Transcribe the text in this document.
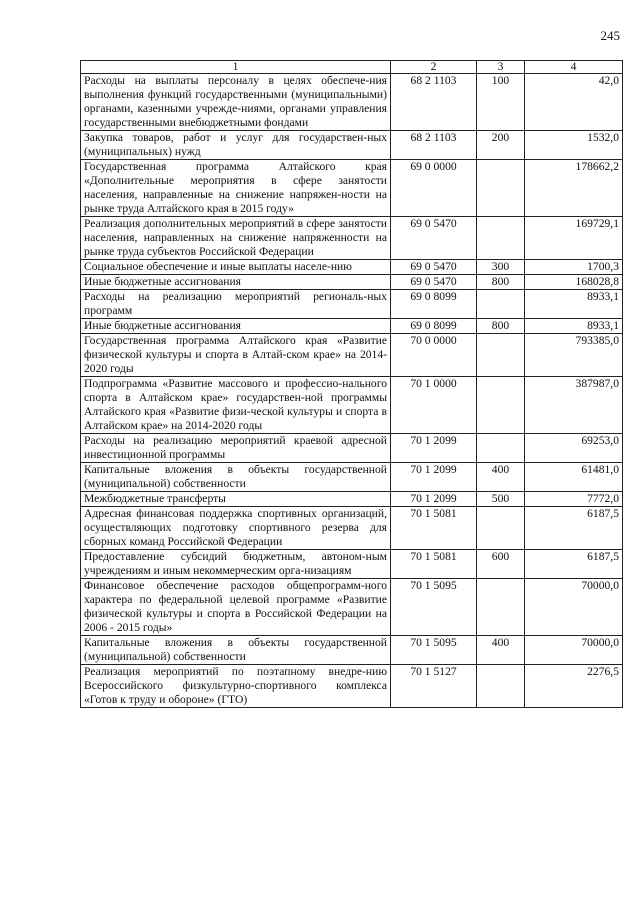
245
1	2	3	4
Расходы на выплаты персоналу в целях обеспече-ния выполнения функций государственными (муниципальными) органами, казенными учрежде-ниями, органами управления государственными внебюджетными фондами	68 2 1103	100	42,0
Закупка товаров, работ и услуг для государствен-ных (муниципальных) нужд	68 2 1103	200	1532,0
Государственная программа Алтайского края «Дополнительные мероприятия в сфере занятости населения, направленные на снижение напряжен-ности на рынке труда Алтайского края в 2015 году»	69 0 0000		178662,2
Реализация дополнительных мероприятий в сфере занятости населения, направленных на снижение напряженности на рынке труда субъектов Российской Федерации	69 0 5470		169729,1
Социальное обеспечение и иные выплаты населе-нию	69 0 5470	300	1700,3
Иные бюджетные ассигнования	69 0 5470	800	168028,8
Расходы на реализацию мероприятий региональ-ных программ	69 0 8099		8933,1
Иные бюджетные ассигнования	69 0 8099	800	8933,1
Государственная программа Алтайского края «Развитие физической культуры и спорта в Алтай-ском крае» на 2014-2020 годы	70 0 0000		793385,0
Подпрограмма «Развитие массового и профессио-нального спорта в Алтайском крае» государствен-ной программы Алтайского края «Развитие физи-ческой культуры и спорта в Алтайском крае» на 2014-2020 годы	70 1 0000		387987,0
Расходы на реализацию мероприятий краевой адресной инвестиционной программы	70 1 2099		69253,0
Капитальные вложения в объекты государственной (муниципальной) собственности	70 1 2099	400	61481,0
Межбюджетные трансферты	70 1 2099	500	7772,0
Адресная финансовая поддержка спортивных организаций, осуществляющих подготовку спортивного резерва для сборных команд Российской Федерации	70 1 5081		6187,5
Предоставление субсидий бюджетным, автоном-ным учреждениям и иным некоммерческим орга-низациям	70 1 5081	600	6187,5
Финансовое обеспечение расходов общепрограмм-ного характера по федеральной целевой программе «Развитие физической культуры и спорта в Российской Федерации на 2006 - 2015 годы»	70 1 5095		70000,0
Капитальные вложения в объекты государственной (муниципальной) собственности	70 1 5095	400	70000,0
Реализация мероприятий по поэтапному внедре-нию Всероссийского физкультурно-спортивного комплекса «Готов к труду и обороне» (ГТО)	70 1 5127		2276,5
